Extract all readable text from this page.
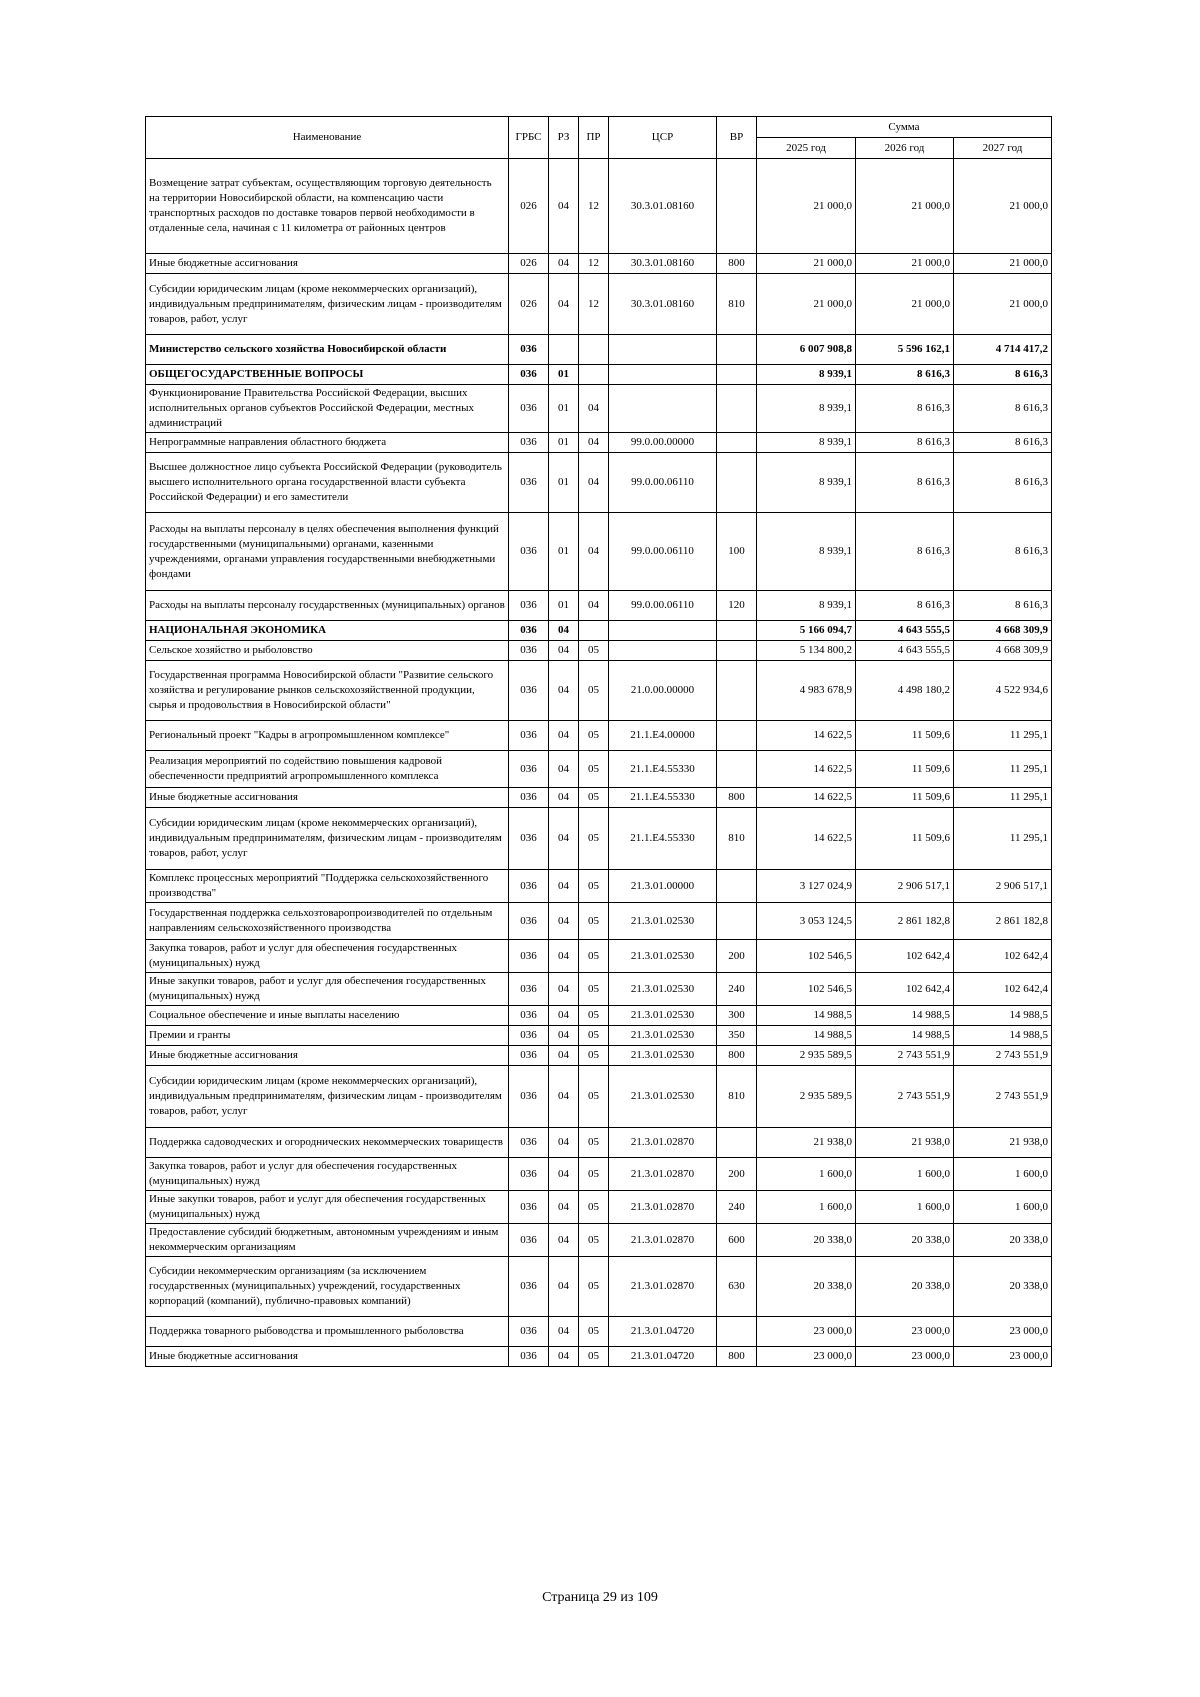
Наименование	ГРБС	РЗ	ПР	ЦСР	ВР	Сумма		
						2025 год	2026 год	2027 год
Возмещение затрат субъектам, осуществляющим торговую деятельность на территории Новосибирской области, на компенсацию части транспортных расходов по доставке товаров первой необходимости в отдаленные села, начиная с 11 километра от районных центров	026	04	12	30.3.01.08160		21 000,0	21 000,0	21 000,0
Иные бюджетные ассигнования	026	04	12	30.3.01.08160	800	21 000,0	21 000,0	21 000,0
Субсидии юридическим лицам (кроме некоммерческих организаций), индивидуальным предпринимателям, физическим лицам - производителям товаров, работ, услуг	026	04	12	30.3.01.08160	810	21 000,0	21 000,0	21 000,0
Министерство сельского хозяйства Новосибирской области	036					6 007 908,8	5 596 162,1	4 714 417,2
ОБЩЕГОСУДАРСТВЕННЫЕ ВОПРОСЫ	036	01				8 939,1	8 616,3	8 616,3
Функционирование Правительства Российской Федерации, высших исполнительных органов субъектов Российской Федерации, местных администраций	036	01	04			8 939,1	8 616,3	8 616,3
Непрограммные направления областного бюджета	036	01	04	99.0.00.00000		8 939,1	8 616,3	8 616,3
Высшее должностное лицо субъекта Российской Федерации (руководитель высшего исполнительного органа государственной власти субъекта Российской Федерации) и его заместители	036	01	04	99.0.00.06110		8 939,1	8 616,3	8 616,3
Расходы на выплаты персоналу в целях обеспечения выполнения функций государственными (муниципальными) органами, казенными учреждениями, органами управления государственными внебюджетными фондами	036	01	04	99.0.00.06110	100	8 939,1	8 616,3	8 616,3
Расходы на выплаты персоналу государственных (муниципальных) органов	036	01	04	99.0.00.06110	120	8 939,1	8 616,3	8 616,3
НАЦИОНАЛЬНАЯ ЭКОНОМИКА	036	04				5 166 094,7	4 643 555,5	4 668 309,9
Сельское хозяйство и рыболовство	036	04	05			5 134 800,2	4 643 555,5	4 668 309,9
Государственная программа Новосибирской области "Развитие сельского хозяйства и регулирование рынков сельскохозяйственной продукции, сырья и продовольствия в Новосибирской области"	036	04	05	21.0.00.00000		4 983 678,9	4 498 180,2	4 522 934,6
Региональный проект "Кадры в агропромышленном комплексе"	036	04	05	21.1.E4.00000		14 622,5	11 509,6	11 295,1
Реализация мероприятий по содействию повышения кадровой обеспеченности предприятий агропромышленного комплекса	036	04	05	21.1.E4.55330		14 622,5	11 509,6	11 295,1
Иные бюджетные ассигнования	036	04	05	21.1.E4.55330	800	14 622,5	11 509,6	11 295,1
Субсидии юридическим лицам (кроме некоммерческих организаций), индивидуальным предпринимателям, физическим лицам - производителям товаров, работ, услуг	036	04	05	21.1.E4.55330	810	14 622,5	11 509,6	11 295,1
Комплекс процессных мероприятий "Поддержка сельскохозяйственного производства"	036	04	05	21.3.01.00000		3 127 024,9	2 906 517,1	2 906 517,1
Государственная поддержка сельхозтоваропроизводителей по отдельным направлениям сельскохозяйственного производства	036	04	05	21.3.01.02530		3 053 124,5	2 861 182,8	2 861 182,8
Закупка товаров, работ и услуг для обеспечения государственных (муниципальных) нужд	036	04	05	21.3.01.02530	200	102 546,5	102 642,4	102 642,4
Иные закупки товаров, работ и услуг для обеспечения государственных (муниципальных) нужд	036	04	05	21.3.01.02530	240	102 546,5	102 642,4	102 642,4
Социальное обеспечение и иные выплаты населению	036	04	05	21.3.01.02530	300	14 988,5	14 988,5	14 988,5
Премии и гранты	036	04	05	21.3.01.02530	350	14 988,5	14 988,5	14 988,5
Иные бюджетные ассигнования	036	04	05	21.3.01.02530	800	2 935 589,5	2 743 551,9	2 743 551,9
Субсидии юридическим лицам (кроме некоммерческих организаций), индивидуальным предпринимателям, физическим лицам - производителям товаров, работ, услуг	036	04	05	21.3.01.02530	810	2 935 589,5	2 743 551,9	2 743 551,9
Поддержка садоводческих и огороднических некоммерческих товариществ	036	04	05	21.3.01.02870		21 938,0	21 938,0	21 938,0
Закупка товаров, работ и услуг для обеспечения государственных (муниципальных) нужд	036	04	05	21.3.01.02870	200	1 600,0	1 600,0	1 600,0
Иные закупки товаров, работ и услуг для обеспечения государственных (муниципальных) нужд	036	04	05	21.3.01.02870	240	1 600,0	1 600,0	1 600,0
Предоставление субсидий бюджетным, автономным учреждениям и иным некоммерческим организациям	036	04	05	21.3.01.02870	600	20 338,0	20 338,0	20 338,0
Субсидии некоммерческим организациям (за исключением государственных (муниципальных) учреждений, государственных корпораций (компаний), публично-правовых компаний)	036	04	05	21.3.01.02870	630	20 338,0	20 338,0	20 338,0
Поддержка товарного рыбоводства и промышленного рыболовства	036	04	05	21.3.01.04720		23 000,0	23 000,0	23 000,0
Иные бюджетные ассигнования	036	04	05	21.3.01.04720	800	23 000,0	23 000,0	23 000,0
Страница 29 из 109
